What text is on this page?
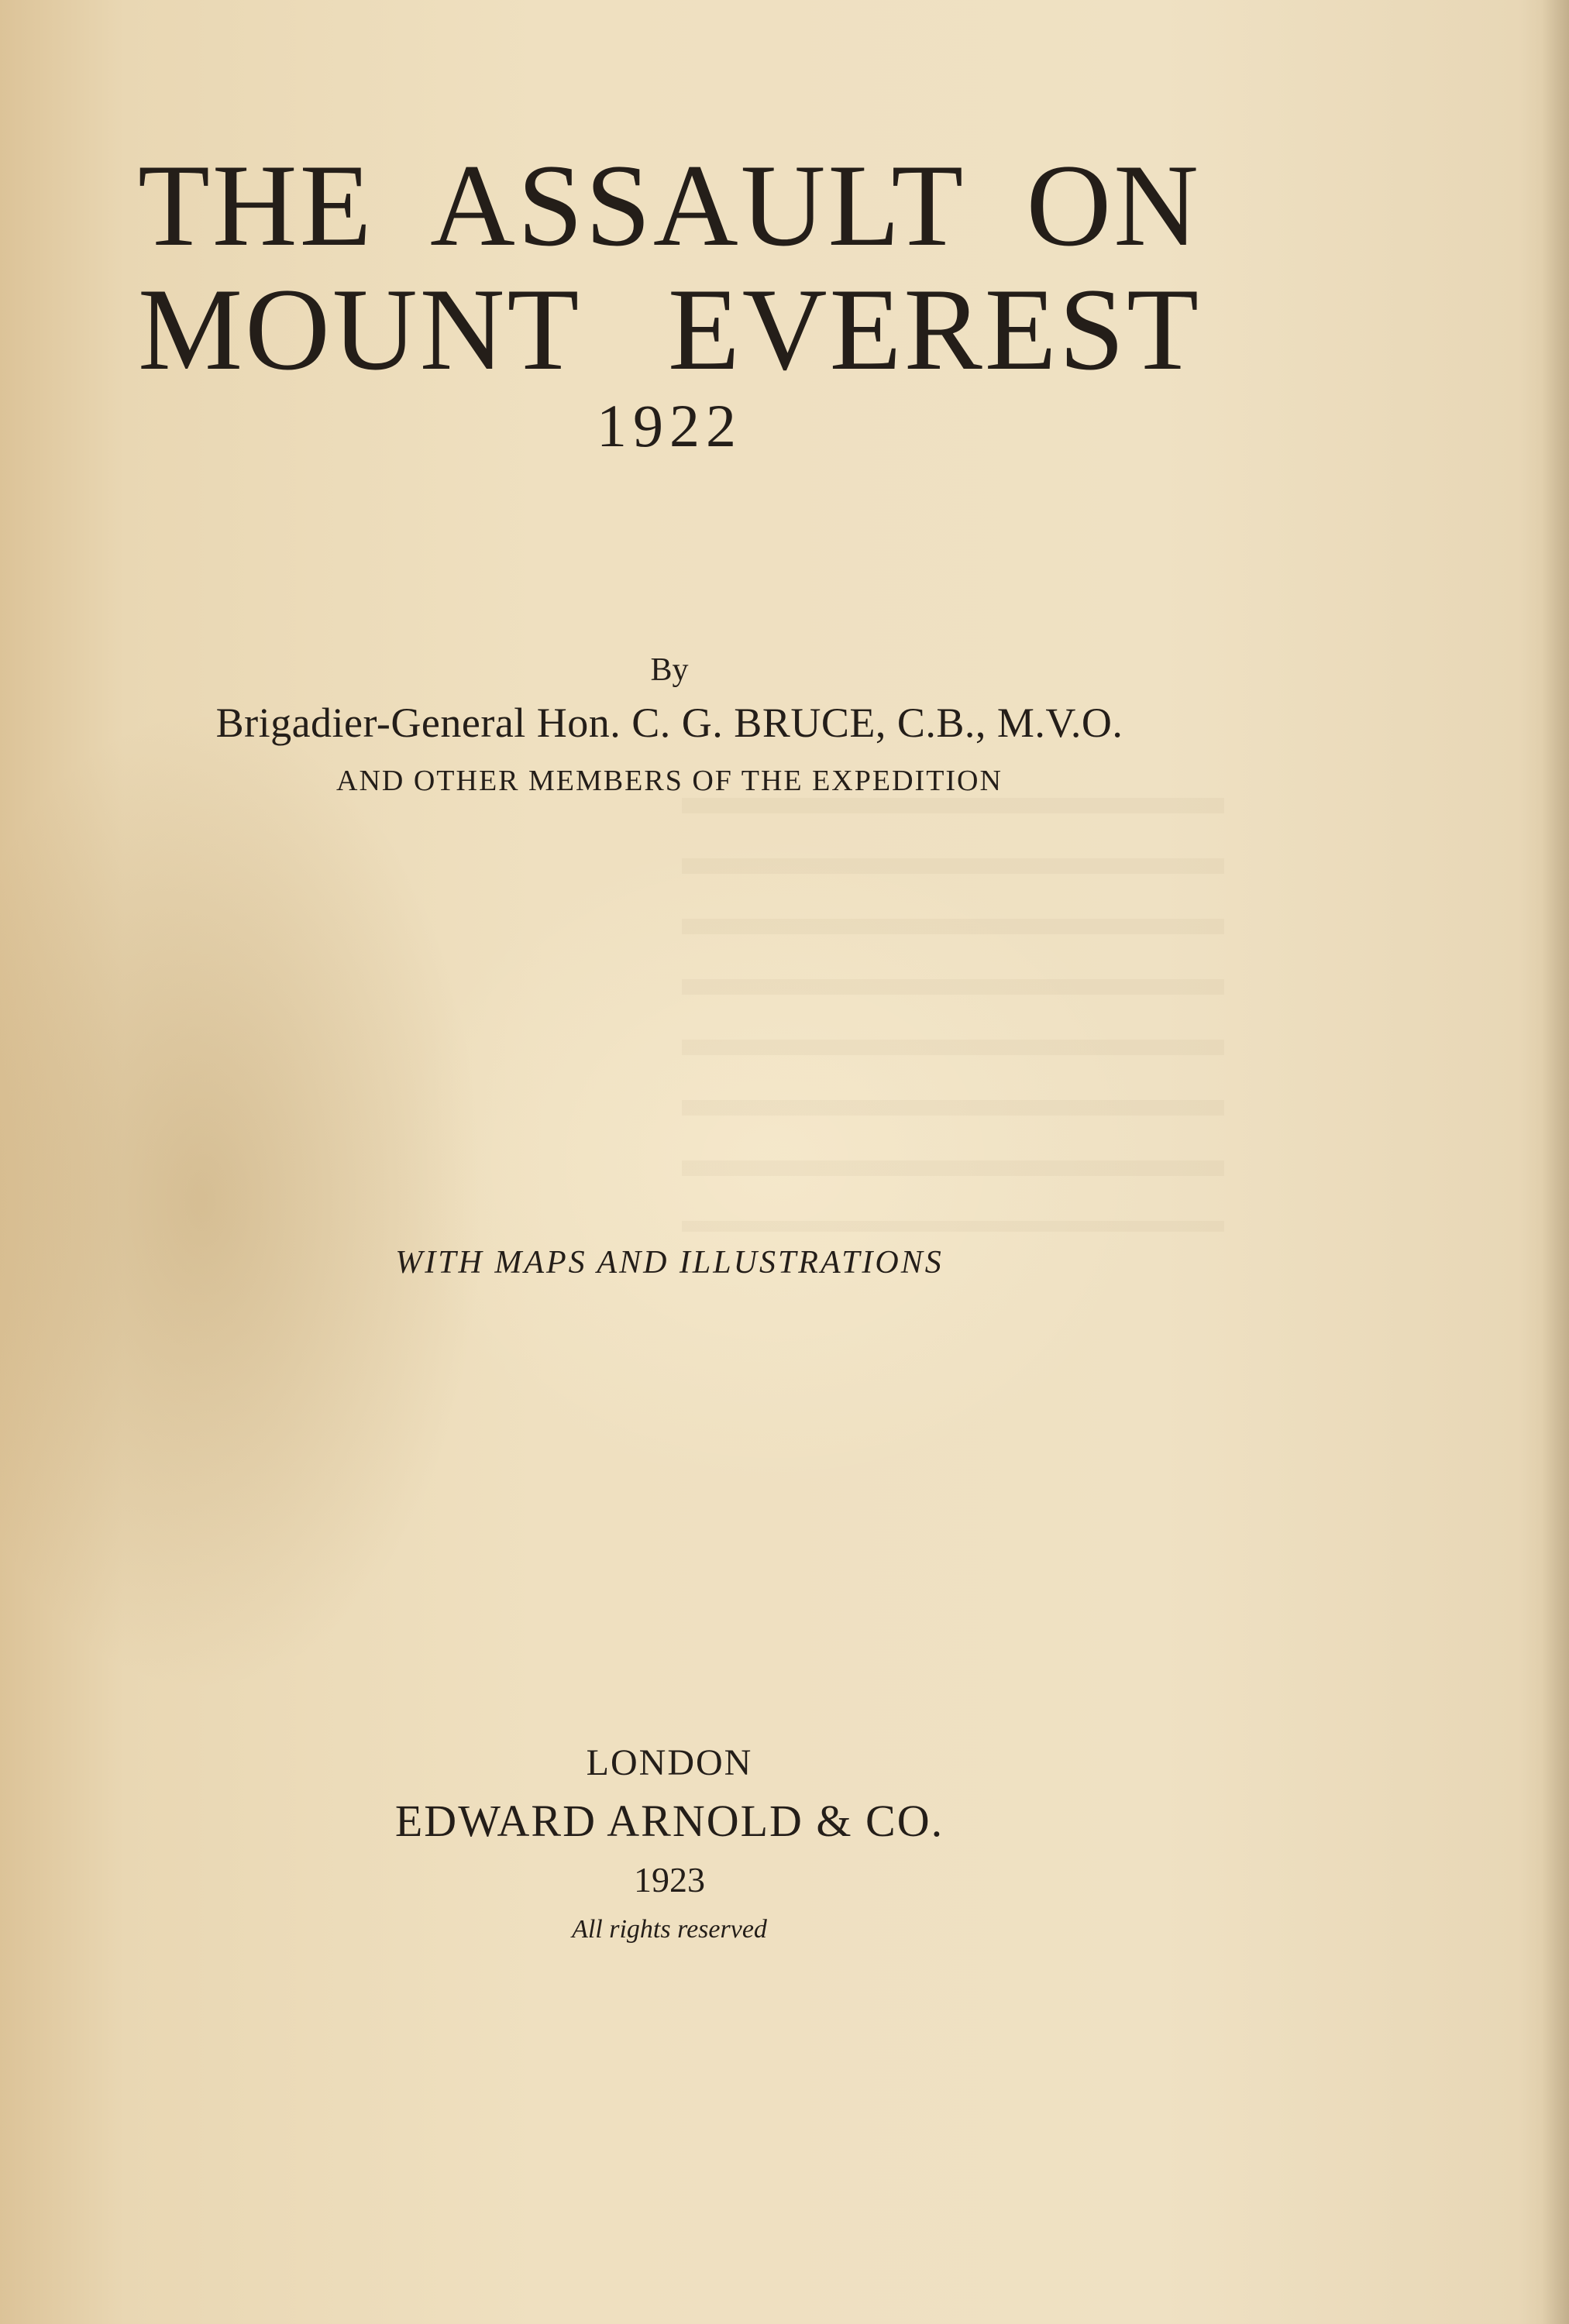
THE ASSAULT ON
MOUNT EVEREST

1922

By

Brigadier-General Hon. C. G. BRUCE, C.B., M.V.O.

AND OTHER MEMBERS OF THE EXPEDITION

WITH MAPS AND ILLUSTRATIONS

LONDON

EDWARD ARNOLD & CO.

1923

All rights reserved
